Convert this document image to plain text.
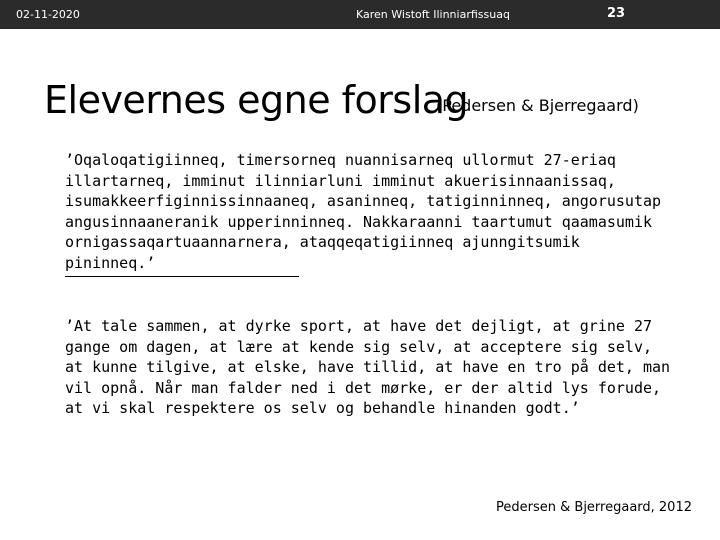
02-11-2020	Karen Wistoft Ilinniarfissuaq	23
Elevernes egne forslag
(Pedersen & Bjerregaard)

’Oqaloqatigiinneq, timersorneq nuannisarneq ullormut 27-eriaq illartarneq, imminut ilinniarluni imminut akuerisinnaanissaq, isumakkeerfiginnissinnaaneq, asaninneq, tatiginninneq, angorusutap angusinnaaneranik upperinninneq. Nakkaraanni taartumut qaamasumik ornigassaqartuaannarnera, ataqqeqatigiinneq ajunngitsumik pininneq.’

’At tale sammen, at dyrke sport, at have det dejligt, at grine 27 gange om dagen, at lære at kende sig selv, at acceptere sig selv, at kunne tilgive, at elske, have tillid, at have en tro på det, man vil opnå. Når man falder ned i det mørke, er der altid lys forude, at vi skal respektere os selv og behandle hinanden godt.’

Pedersen & Bjerregaard, 2012
